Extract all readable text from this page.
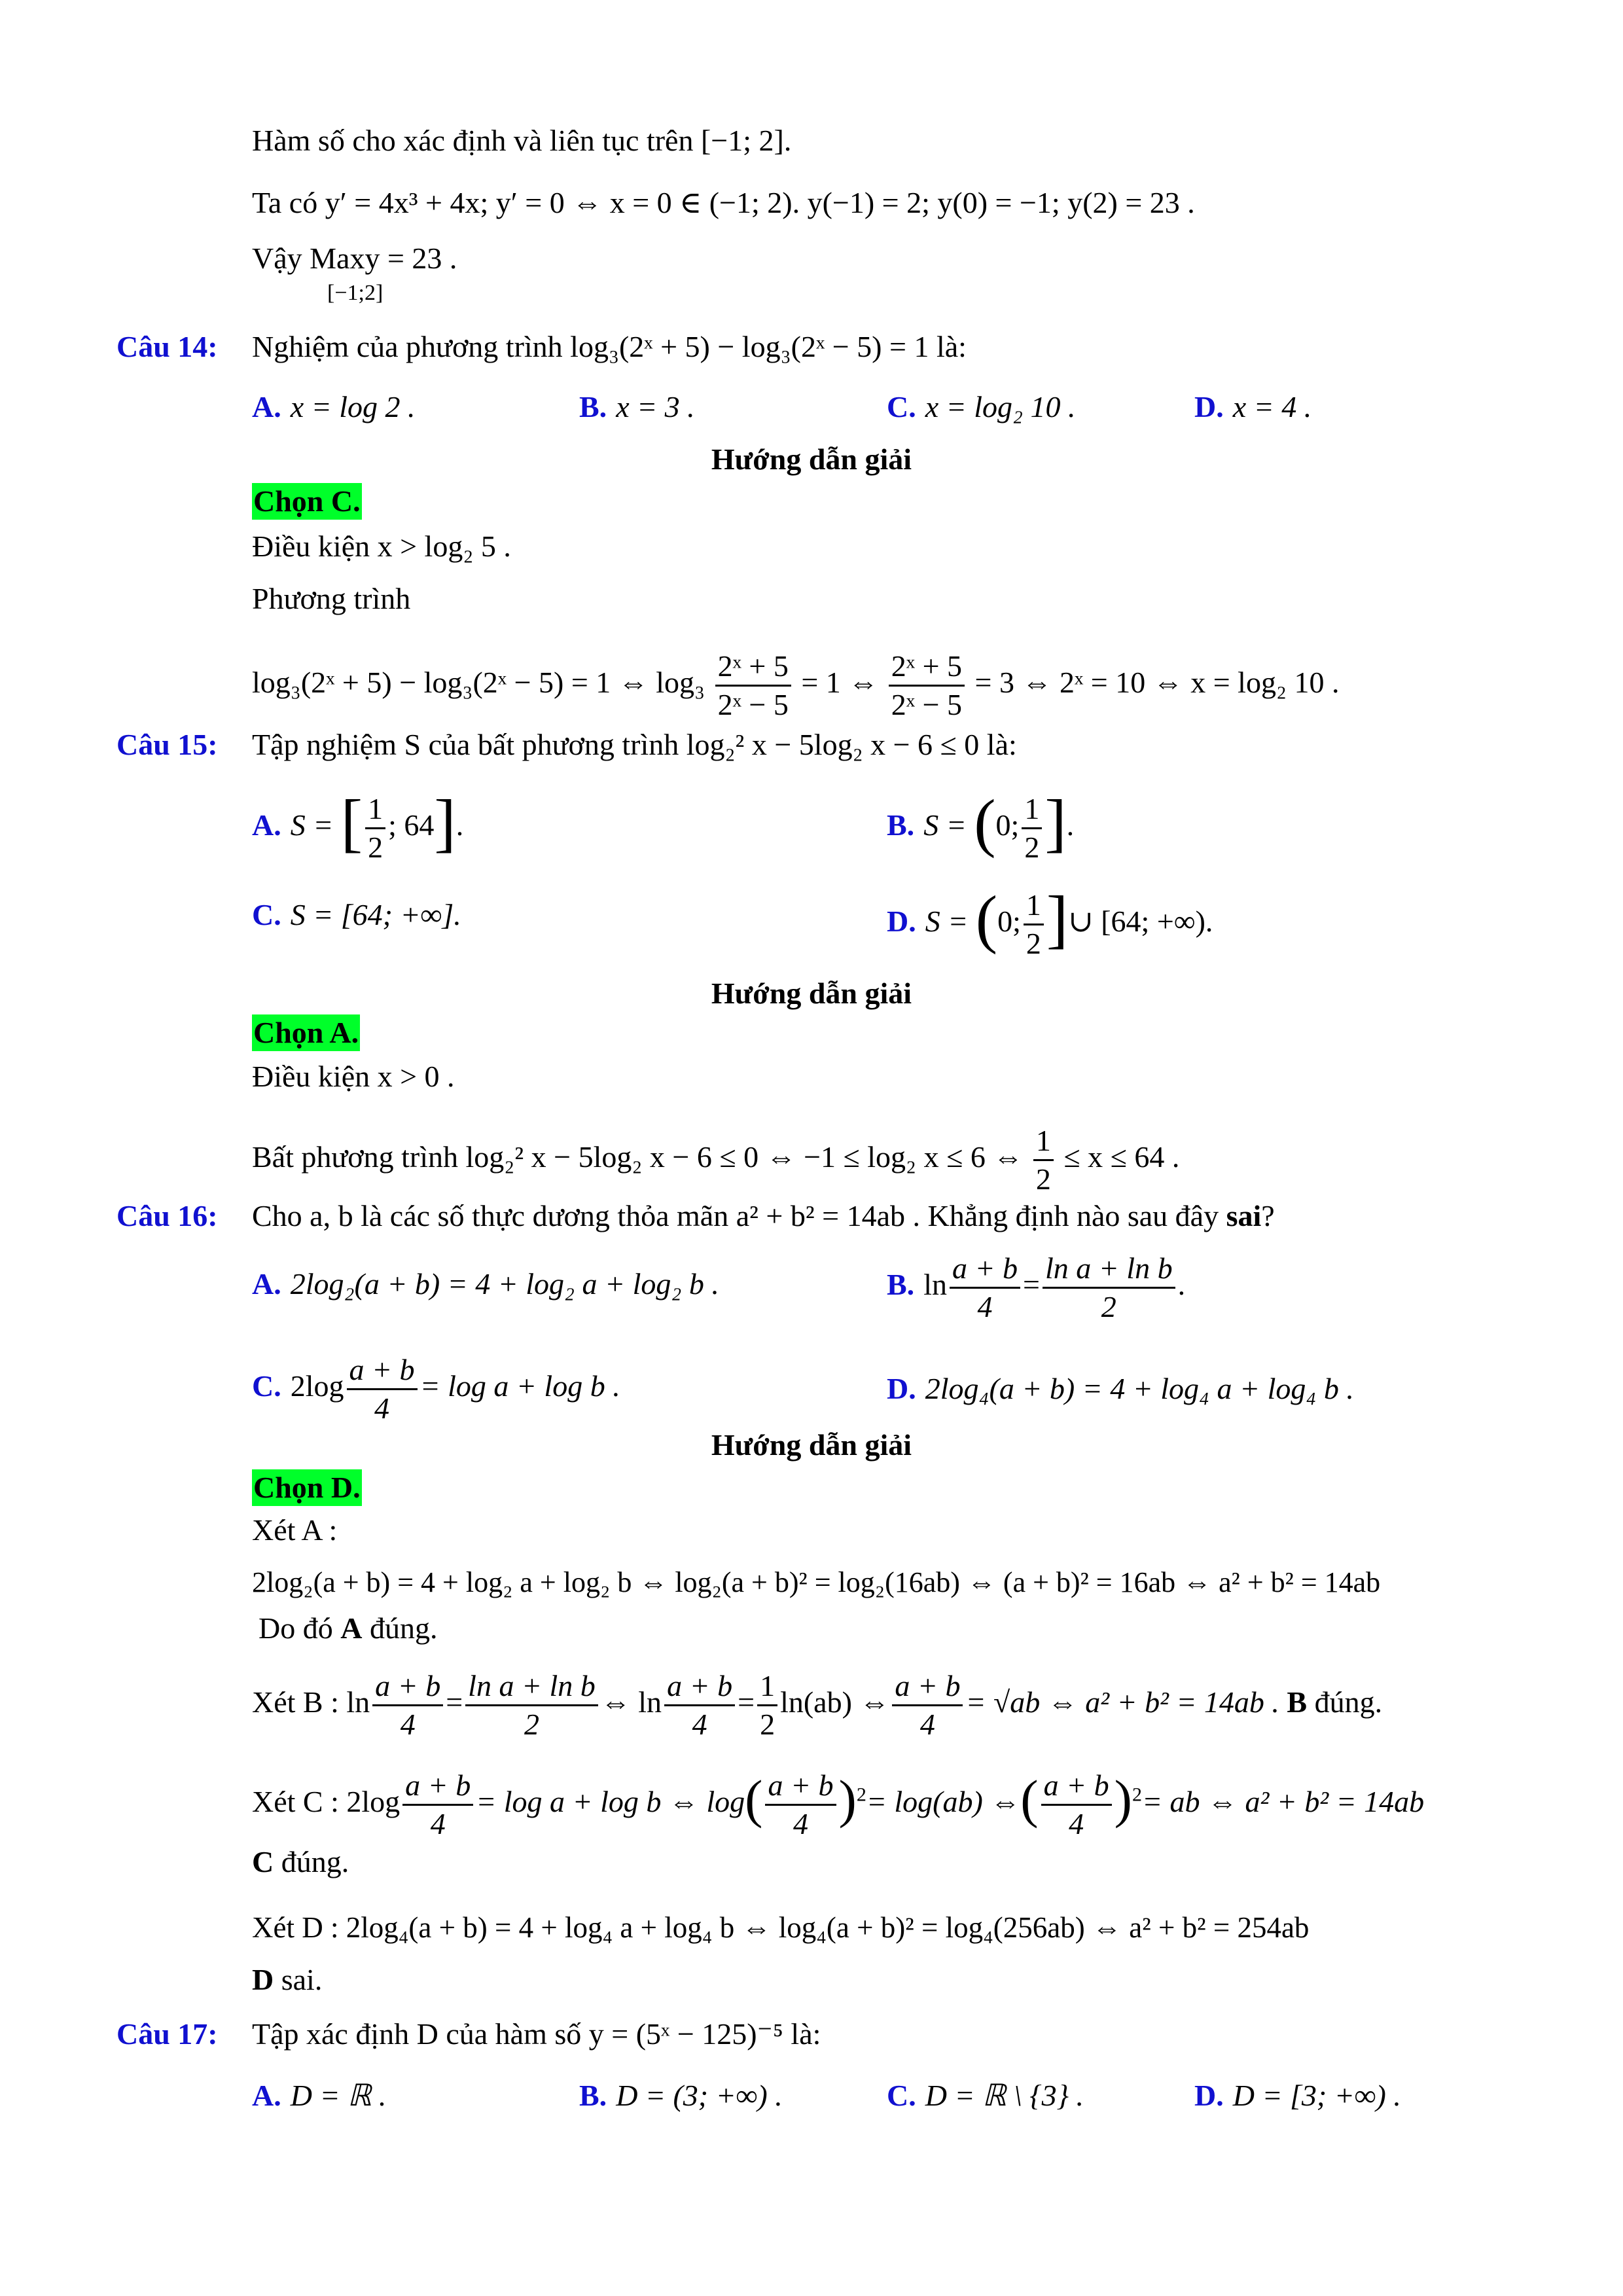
Hàm số cho xác định và liên tục trên [−1; 2].
Ta có y′ = 4x³ + 4x; y′ = 0 ⇔ x = 0 ∈ (−1; 2). y(−1) = 2; y(0) = −1; y(2) = 23 .
Vậy Maxy = 23 .
[−1;2]
Câu 14: Nghiệm của phương trình log₃(2ˣ + 5) − log₃(2ˣ − 5) = 1 là:
A. x = log 2 .	B. x = 3 .	C. x = log₂ 10 .	D. x = 4 .
Hướng dẫn giải
Chọn C.
Điều kiện x > log₂ 5 .
Phương trình
log₃(2ˣ + 5) − log₃(2ˣ − 5) = 1 ⇔ $\log_3 \frac{\text{2ˣ + 5}}{\text{2ˣ − 5}} = 1$ ⇔ $\frac{\text{2ˣ + 5}}{\text{2ˣ − 5}} = 3$ ⇔ 2ˣ = 10 ⇔ x = log₂ 10 .
Câu 15: Tập nghiệm S của bất phương trình log₂² x − 5log₂ x − 6 ≤ 0 là:
A. S = [ $\frac{1}{2}$ ; 64].	B. S = (0; $\frac{1}{2}$ ].
C. S = [64; +∞].	D. S = (0; $\frac{1}{2}$ ]∪ [64; +∞).
Hướng dẫn giải
Chọn A.
Điều kiện x > 0 .
Bất phương trình log₂² x − 5log₂ x − 6 ≤ 0 ⇔ −1 ≤ log₂ x ≤ 6 ⇔ $\frac{1}{2} \le x \le 64$ .
Câu 16: Cho a, b là các số thực dương thỏa mãn a² + b² = 14ab . Khẳng định nào sau đây sai?
A. 2log₂(a + b) = 4 + log₂ a + log₂ b .	B. $\ln \frac{a + b}{4} = \frac{\text{ln a + ln b}}{2}$ .
C. $2\log \frac{a + b}{4} = \log a + \log b$ .	D. 2log₄(a + b) = 4 + log₄ a + log₄ b .
Hướng dẫn giải
Chọn D.
Xét A :
2log₂(a + b) = 4 + log₂ a + log₂ b ⇔ log₂(a + b)² = log₂(16ab) ⇔ (a + b)² = 16ab ⇔ a² + b² = 14ab
Do đó A đúng.
Xét B : $\ln \frac{a + b}{4} = \frac{\text{ln a + ln b}}{2}$ ⇔ $\ln \frac{a + b}{4} = \frac{1}{2} \ln(ab)$ ⇔ $\frac{a + b}{4} = √ab$ ⇔ a² + b² = 14ab . B đúng.
Xét C : $2\log \frac{a + b}{4} = \log a + \log b$ ⇔ $\log( \frac{a + b}{4} )^2= \log(ab)$ ⇔( $\frac{a + b}{4} )^2=$ ab ⇔ a² + b² = 14ab
C đúng.
Xét D : 2log₄(a + b) = 4 + log₄ a + log₄ b ⇔ log₄(a + b)² = log₄(256ab) ⇔ a² + b² = 254ab
D sai.
Câu 17: Tập xác định D của hàm số y = (5ˣ − 125)⁻⁵ là:
A. D = ℝ .	B. D = (3; +∞) .	C. D = ℝ \ {3} .	D. D = [3; +∞) .
